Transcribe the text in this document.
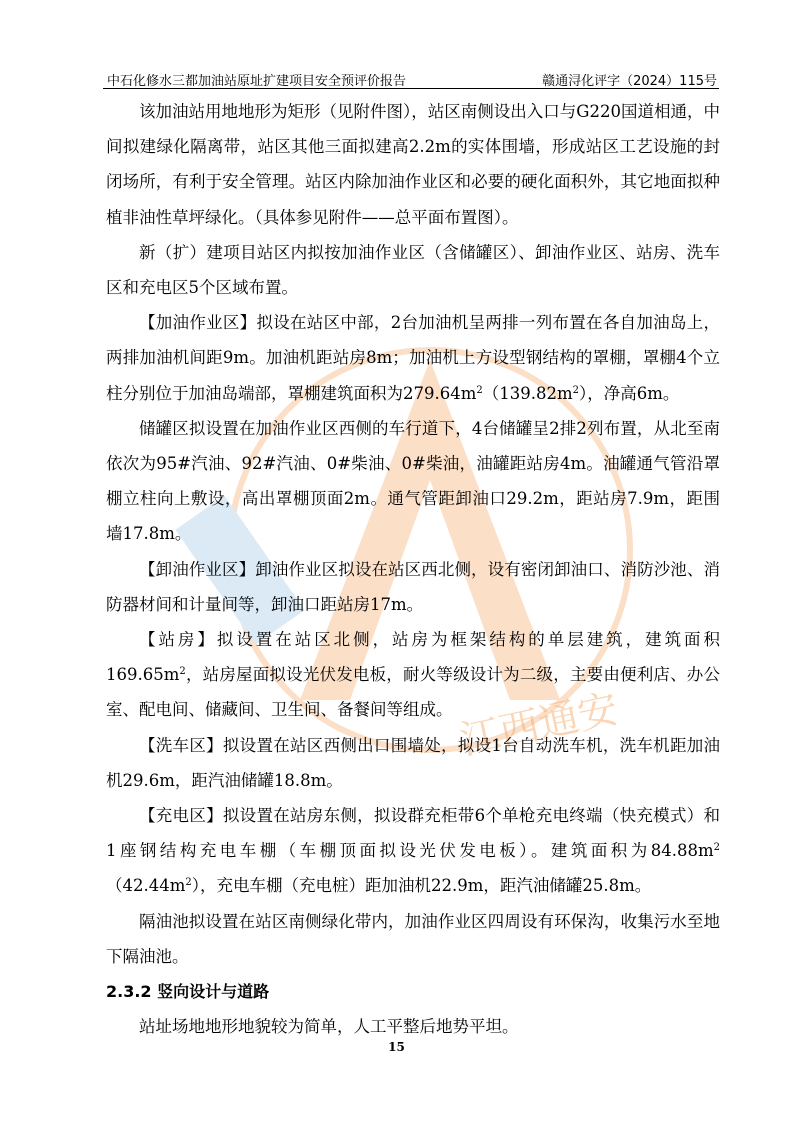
中石化修水三都加油站原址扩建项目安全预评价报告	赣通浔化评字（2024）115号
江西通安

该加油站用地地形为矩形（见附件图），站区南侧设出入口与G220国道相通，中间拟建绿化隔离带，站区其他三面拟建高2.2m的实体围墙，形成站区工艺设施的封闭场所，有利于安全管理。站区内除加油作业区和必要的硬化面积外，其它地面拟种植非油性草坪绿化。（具体参见附件——总平面布置图）。

新（扩）建项目站区内拟按加油作业区（含储罐区）、卸油作业区、站房、洗车区和充电区5个区域布置。

【加油作业区】拟设在站区中部，2台加油机呈两排一列布置在各自加油岛上，两排加油机间距9m。加油机距站房8m；加油机上方设型钢结构的罩棚，罩棚4个立柱分别位于加油岛端部，罩棚建筑面积为$279.64m^2(139.82m^2)$，净高6m。

储罐区拟设置在加油作业区西侧的车行道下，4台储罐呈2排2列布置，从北至南依次为95#汽油、92#汽油、0#柴油、0#柴油，油罐距站房4m。油罐通气管沿罩棚立柱向上敷设，高出罩棚顶面2m。通气管距卸油口29.2m，距站房7.9m，距围墙17.8m。

【卸油作业区】卸油作业区拟设在站区西北侧，设有密闭卸油口、消防沙池、消防器材间和计量间等，卸油口距站房17m。

【站房】拟设置在站区北侧，站房为框架结构的单层建筑，建筑面积$169.65m^2$，站房屋面拟设光伏发电板，耐火等级设计为二级，主要由便利店、办公室、配电间、储藏间、卫生间、备餐间等组成。

【洗车区】拟设置在站区西侧出口围墙处，拟设1台自动洗车机，洗车机距加油机29.6m，距汽油储罐18.8m。

【充电区】拟设置在站房东侧，拟设群充柜带6个单枪充电终端（快充模式）和1座钢结构充电车棚（车棚顶面拟设光伏发电板）。建筑面积为$84.88m^2(42.44m^2)$，充电车棚（充电桩）距加油机22.9m，距汽油储罐25.8m。

隔油池拟设置在站区南侧绿化带内，加油作业区四周设有环保沟，收集污水至地下隔油池。

2.3.2 竖向设计与道路

站址场地地形地貌较为简单，人工平整后地势平坦。

15
